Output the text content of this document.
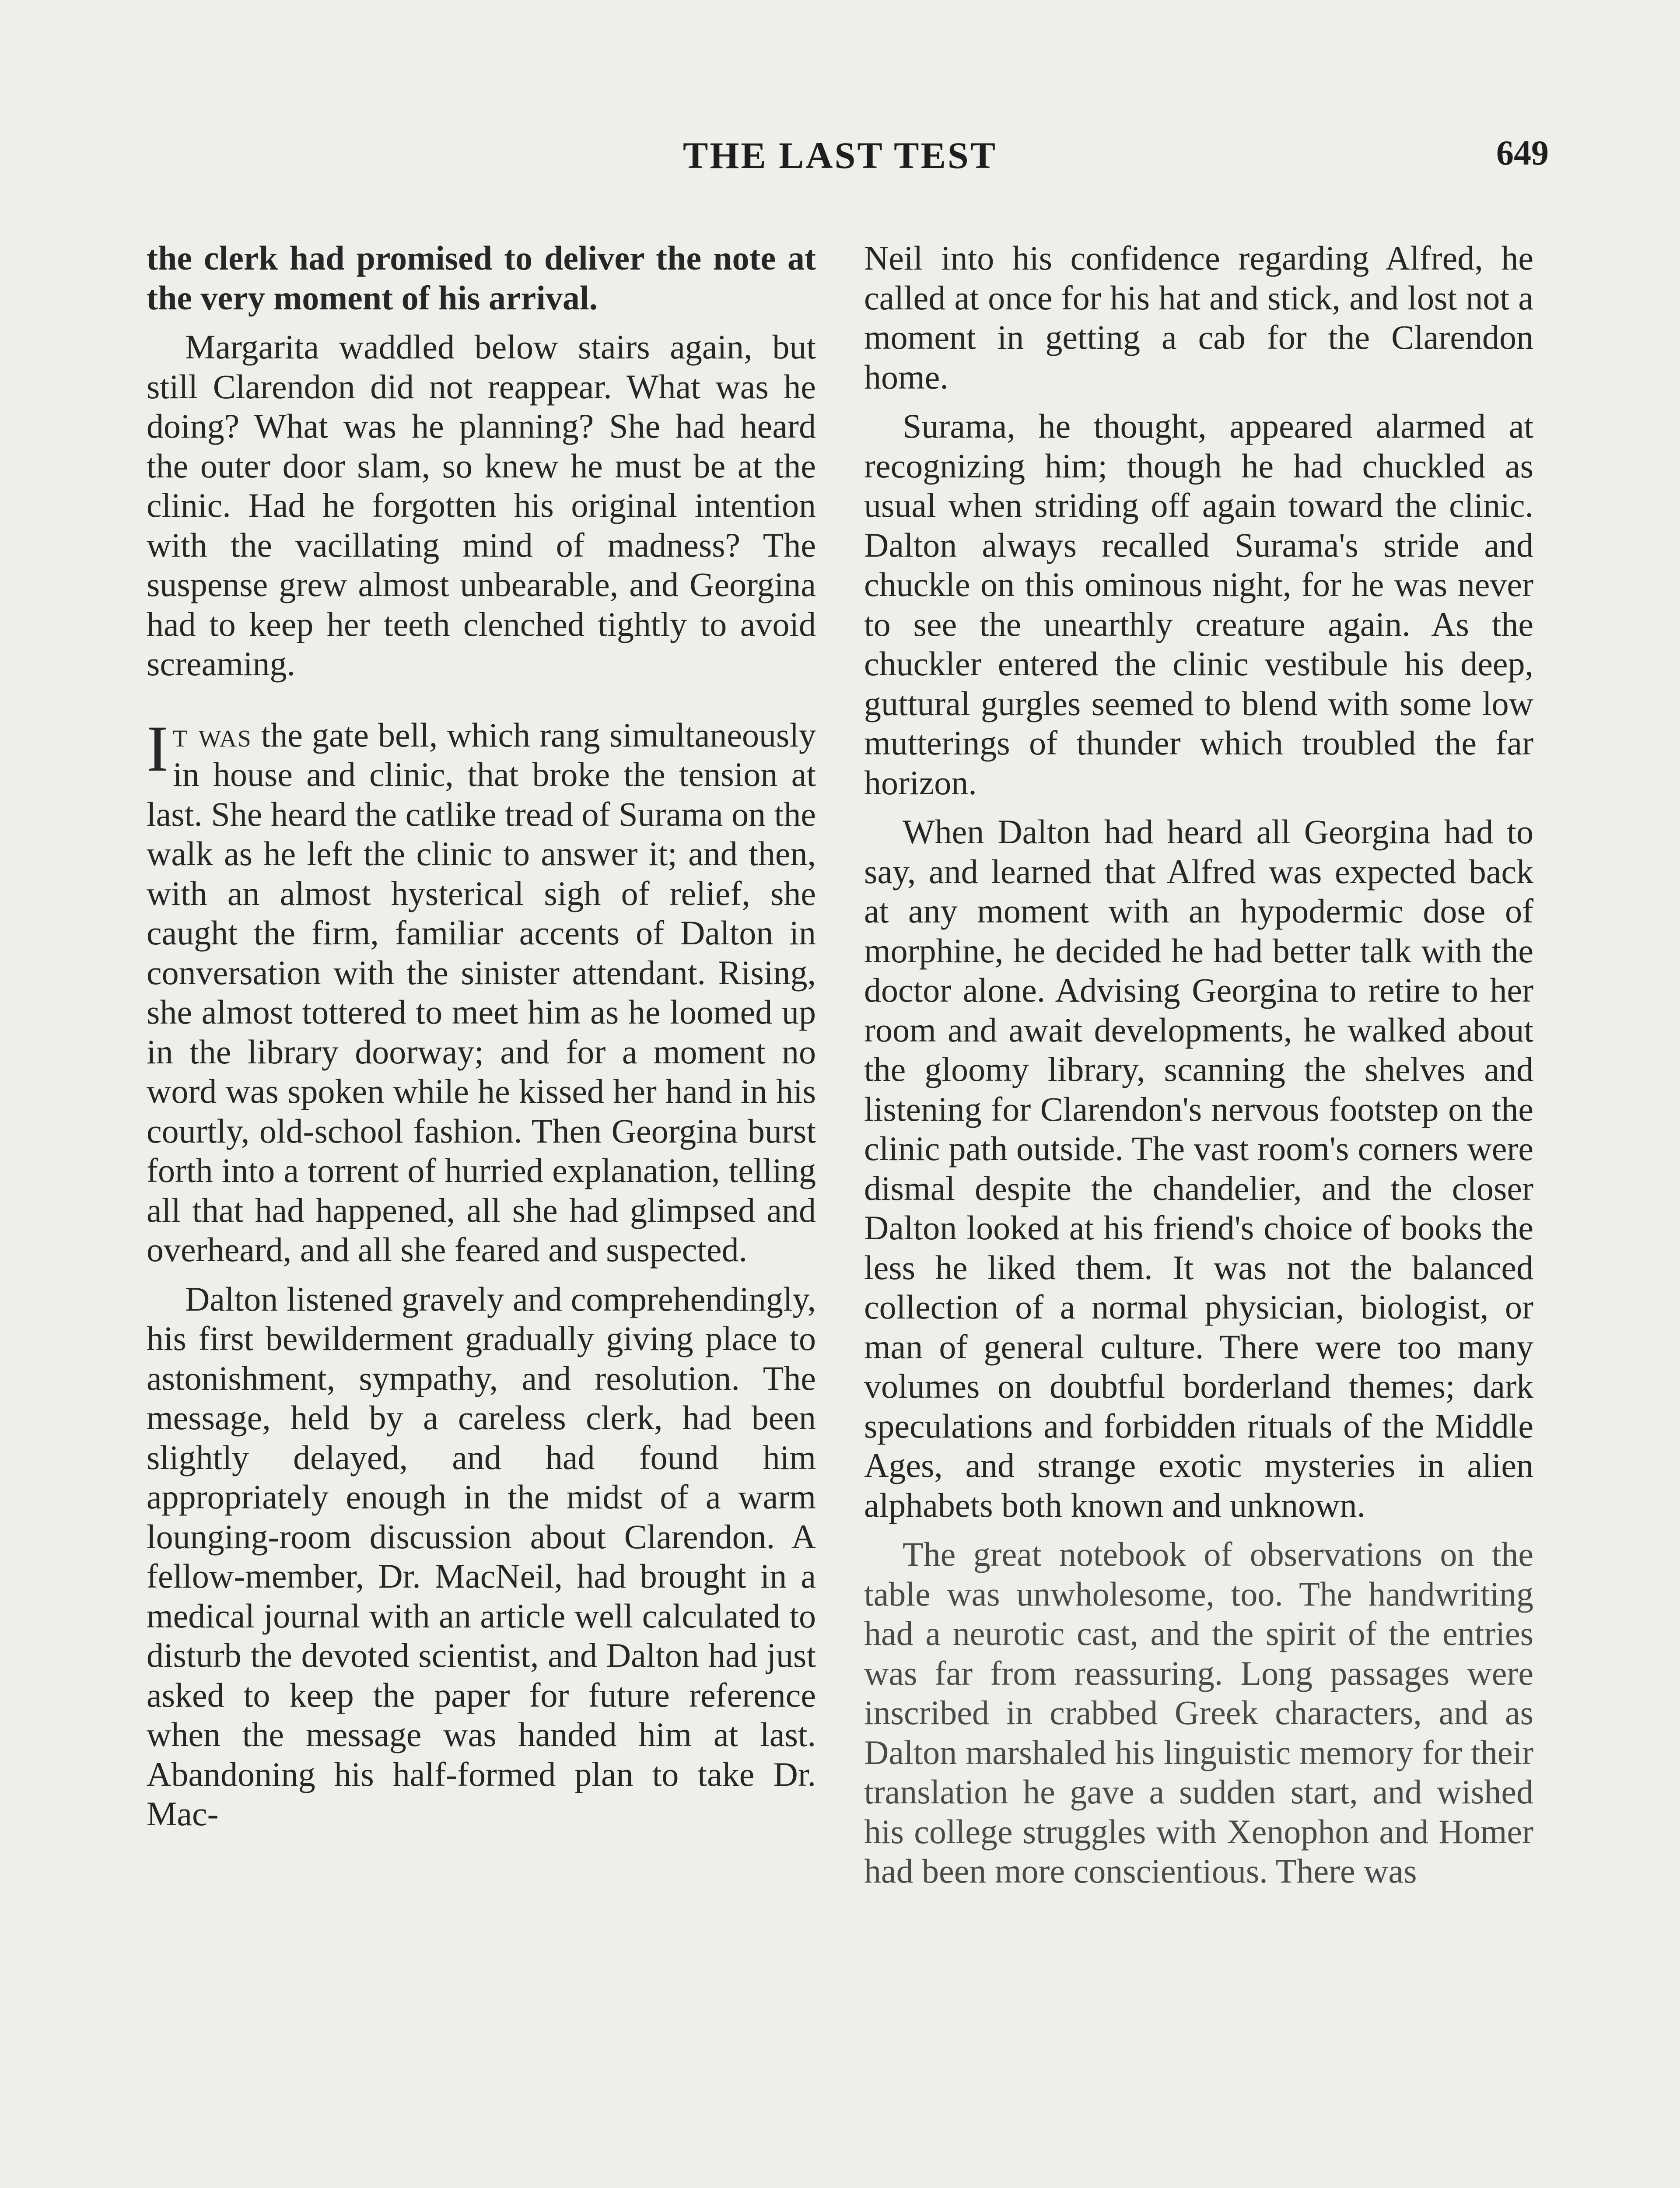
THE LAST TEST	649

the clerk had promised to deliver the note at the very moment of his arrival.

Margarita waddled below stairs again, but still Clarendon did not reappear. What was he doing? What was he planning? She had heard the outer door slam, so knew he must be at the clinic. Had he forgotten his original intention with the vacillating mind of madness? The suspense grew almost unbearable, and Georgina had to keep her teeth clenched tightly to avoid screaming.

It was the gate bell, which rang simultaneously in house and clinic, that broke the tension at last. She heard the catlike tread of Surama on the walk as he left the clinic to answer it; and then, with an almost hysterical sigh of relief, she caught the firm, familiar accents of Dalton in conversation with the sinister attendant. Rising, she almost tottered to meet him as he loomed up in the library doorway; and for a moment no word was spoken while he kissed her hand in his courtly, old-school fashion. Then Georgina burst forth into a torrent of hurried explanation, telling all that had happened, all she had glimpsed and overheard, and all she feared and suspected.

Dalton listened gravely and comprehendingly, his first bewilderment gradually giving place to astonishment, sympathy, and resolution. The message, held by a careless clerk, had been slightly delayed, and had found him appropriately enough in the midst of a warm lounging-room discussion about Clarendon. A fellow-member, Dr. MacNeil, had brought in a medical journal with an article well calculated to disturb the devoted scientist, and Dalton had just asked to keep the paper for future reference when the message was handed him at last. Abandoning his half-formed plan to take Dr. Mac-

Neil into his confidence regarding Alfred, he called at once for his hat and stick, and lost not a moment in getting a cab for the Clarendon home.

Surama, he thought, appeared alarmed at recognizing him; though he had chuckled as usual when striding off again toward the clinic. Dalton always recalled Surama's stride and chuckle on this ominous night, for he was never to see the unearthly creature again. As the chuckler entered the clinic vestibule his deep, guttural gurgles seemed to blend with some low mutterings of thunder which troubled the far horizon.

When Dalton had heard all Georgina had to say, and learned that Alfred was expected back at any moment with an hypodermic dose of morphine, he decided he had better talk with the doctor alone. Advising Georgina to retire to her room and await developments, he walked about the gloomy library, scanning the shelves and listening for Clarendon's nervous footstep on the clinic path outside. The vast room's corners were dismal despite the chandelier, and the closer Dalton looked at his friend's choice of books the less he liked them. It was not the balanced collection of a normal physician, biologist, or man of general culture. There were too many volumes on doubtful borderland themes; dark speculations and forbidden rituals of the Middle Ages, and strange exotic mysteries in alien alphabets both known and unknown.

The great notebook of observations on the table was unwholesome, too. The handwriting had a neurotic cast, and the spirit of the entries was far from reassuring. Long passages were inscribed in crabbed Greek characters, and as Dalton marshaled his linguistic memory for their translation he gave a sudden start, and wished his college struggles with Xenophon and Homer had been more conscientious. There was
